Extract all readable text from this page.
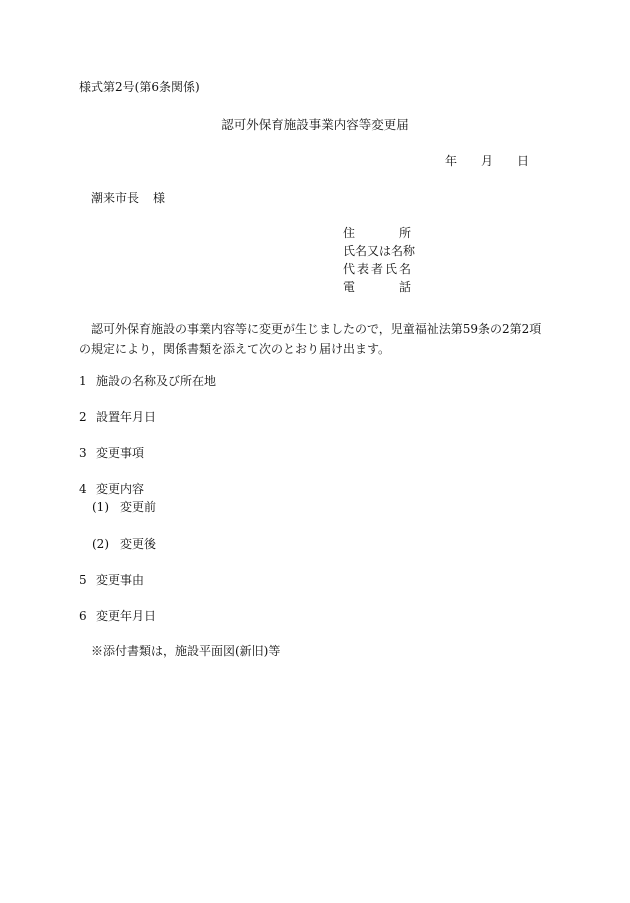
様式第2号(第6条関係)
認可外保育施設事業内容等変更届
年	月	日
潮来市長 様
住	所
氏名又は名称
代 表 者 氏 名
電	話
認可外保育施設の事業内容等に変更が生じましたので，児童福祉法第59条の2第2項の規定により，関係書類を添えて次のとおり届け出ます。
1 施設の名称及び所在地
2 設置年月日
3 変更事項
4 変更内容
(1) 変更前
(2) 変更後
5 変更事由
6 変更年月日
※添付書類は，施設平面図(新旧)等
